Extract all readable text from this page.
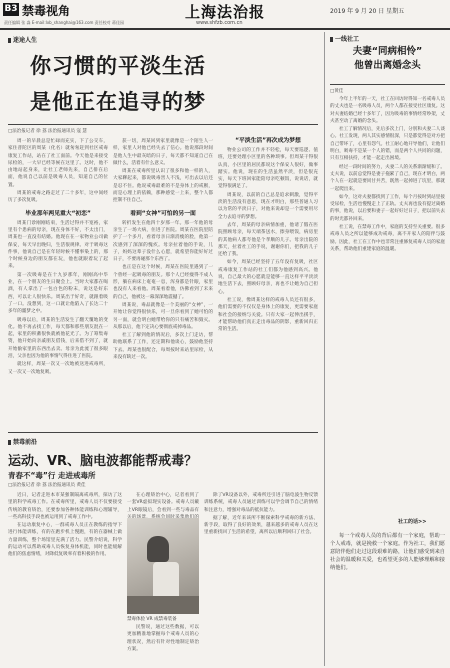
B3 禁毒视角
责任编辑 张 淼 E-mail:lxb_shanghai@163.com 责任校对 蒋佳园
上海法治报
www.shfzb.com.cn
2019 年 9 月 20 日 星期五
迷途人生
你习惯的平淡生活
是他正在追寻的梦
□法治报记者 徐 荔 法治报通讯员 寇 慧

周一的早晨总是忙碌而充实，下了公交车，家住普陀区的周某（化名）就匆匆赶到社区戒毒康复工作站，站在了社工面前。今天他是来接受尿检的，一大早已经等候在这里了。这时，他不由地站起身来，让社工老师先来，自己排在后面，他说自己以前是吸毒人员，知道自己的位置。

周某的戒毒之路走过了二十多年，这中间经历了多次复吸。

毕业那年两见重大“初恋”

周某门诊刚刚结束，生活过得并不宽裕，家里有个患病的母亲，现在身体不好，不太出门，周某也一直没有结婚。他现在在一家物业公司做保安，每天早出晚归，生活很规律。对于吸毒这件事，他说自己是在年轻时候不懂事染上的，那个时候身边的朋友都在玩，他也就跟着玩了起来。

第一次吸毒是在十九岁那年，刚刚高中毕业，在一个朋友的生日聚会上。当时大家都在喝酒，有人拿出了一包白色的粉末，说这是好东西，可以让人很快乐。周某出于好奇，就跟着吸了一口。没想到，这一口就让他陷入了长达二十多年的噩梦之中。

吸毒以后，周某的生活发生了翻天覆地的变化。他不再去找工作，每天都和那些朋友混在一起，家里的积蓄很快就被他花光了。为了筹集毒资，他开始向亲戚朋友借钱，后来借不到了，就开始偷家里的东西出去卖。母亲为此流了很多眼泪，父亲也因为他的事情气得住进了医院。

就这样，周某一次又一次地被送进戒毒所，又一次又一次地复吸。

获一切，周某回到家里就像是一个陌生人一样，家里人对他已经失去了信心。他说那段时间是他人生中最灰暗的日子，每天都不知道自己在做什么，活着有什么意义。

周某在戒毒所里认识了很多和他一样的人，大家聊起来，都说吸毒害人不浅，可出去以后还是忍不住。他说戒毒最难的不是身体上的戒断，而是心理上的依赖，那种感觉一上来，整个人都控制不住自己。

看到“女神”可怕的另一面

转折发生在他四十岁那一年。那一年他的母亲生了一场大病，住进了医院。周某在医院里陪护了一个多月，看着母亲日渐消瘦的脸，他第一次感到了深深的愧疚。母亲拉着他的手说，儿子，妈妈这辈子没什么心愿，就希望你能好好过日子，不要再碰那个东西了。

也正是在这个时候，周某在医院里遇到了一个曾经一起吸毒的朋友。那个人已经瘦得不成人形，躺在病床上奄奄一息，浑身都是针眼，家里也没有人来看他。周某看着他，仿佛看到了未来的自己，他被这一幕深深地震撼了。

周某说，毒品就像是一个美丽的“女神”，一开始让你觉得很快乐，可一旦你看到了她可怕的另一面，就会明白她带给你的只有痛苦和毁灭。从那以后，他下定决心要彻底戒掉毒品。

社工了解到他的情况后，多次上门走访，帮助他联系了工作，还定期和他谈心，鼓励他坚持下去。周某也很配合，每周按时来站里尿检，从来没有缺过一次。

“平淡生活”再次成为梦想

物业公司的工作并不轻松，每天要巡逻、值班，还要处理小区里的各种琐事。但周某干得很认真，小区里的居民都说这个保安人很好，做事踏实。他说，现在的生活虽然平淡，但是很充实，每天下班回家能陪母亲吃顿饭，说说话，就觉得很满足了。

周某说，以前的自己总是追求刺激，觉得平淡的生活没有意思，现在才明白，那些普通人习以为常的平淡日子，对他来说却是一个需要用尽全力去追寻的梦想。

去年，周某的母亲病情加重，他请了假在医院照顾母亲，每天端茶送水，擦身喂饭，病房里的其他病人都夸他是个孝顺的儿子。母亲出院的那天，拉着社工的手说，谢谢你们，把我的儿子还给了我。

如今，周某已经坚持了五年没有复吸，社区戒毒康复工作站的社工们都为他感到高兴。他说，自己最大的心愿就是能够一直这样平平淡淡地生活下去，照顾好母亲，再也不让她为自己担心。

社工说，像周某这样的戒毒人员还有很多，他们需要的不仅仅是身体上的康复，更需要家庭和社会的接纳与关爱。只有大家一起伸出援手，才能帮助他们真正走出毒品的阴影，重新回归正常的生活。

禁毒前沿
运动、VR、脑电波都能帮戒毒？
青春不“毒”行 走进戒毒所
□法治报记者 徐 荔 法治报通讯员 黄佳

近日，记者走进本市某强制隔离戒毒所，探访了这里的科学戒毒工作。在戒毒所里，戒毒人员不仅要接受传统的教育矫治，还要参加各种体能训练和心理辅导，一些高科技手段也被运用到了戒毒工作中。

在运动康复中心，一群戒毒人员正在教练的指导下进行体能训练，有的在跑步机上慢跑，有的在器械上做力量训练，整个场馆里充满了活力。民警介绍说，科学的运动可以帮助戒毒人员恢复身体机能，同时也能缓解他们的焦虑情绪，对降低复吸率有着积极的作用。

在心理矫治中心，记者看到了一套VR虚拟现实设备。戒毒人员戴上VR眼镜后，会看到一些与毒品有

禁毒体验 VR 成禁毒装备

民警说，通过这些数据，可以更加精准地掌握每个戒毒人员的心理状况，然后有针对性地制定矫治方案。

除了VR设备以外，戒毒所还引进了脑电波生物反馈训练系统，戒毒人员通过训练可以学会调节自己的情绪和注意力，增强对毒品的抵抗能力。

据了解，近年来该所不断探索科学戒毒的新方法、新手段，取得了良好的效果，越来越多的戒毒人员在这里重新找回了生活的希望，离所以后顺利回归了社会。

一线社工
夫妻“同病相怜”
他曾出离婚念头
□黄佳

今年上半年的一天，社工在回访时得知一名戒毒人员的丈夫也是一名吸毒人员，两个人都在接受社区康复。这对夫妻结婚已经十多年了，因为吸毒的事情经常吵架，丈夫甚至动了离婚的念头。

社工了解情况后，先后多次上门，分别和夫妻二人谈心。社工发现，两人其实感情很深，只是都觉得是对方把自己带坏了，心里有怨气。社工耐心地开导他们，让他们明白，吸毒不是某一个人的错，而是两个人共同的问题，只有互相扶持，才能一起走出困境。

经过一段时间的努力，夫妻二人的关系渐渐缓和了。丈夫说，以前总觉得是妻子拖累了自己，现在才明白，两个人在一起就是要同甘共苦，既然一起掉进了坑里，那就一起爬出来。

如今，这对夫妻都找到了工作，每个月按时到站里接受尿检，生活也慢慢走上了正轨。丈夫再也没有提过离婚的事，他说，以后要和妻子一起好好过日子，把以前失去的时光都补回来。

社工说，在禁毒工作中，家庭的支持至关重要。很多戒毒人员之所以能够成功戒毒，离不开家人的陪伴与鼓励。因此，社工在工作中也非常注重修复戒毒人员的家庭关系，帮助他们重建家庭的温暖。

社工的话>>

每一个戒毒人员的背后都有一个家庭，帮助一个人戒毒，就是挽救一个家庭。作为社工，我们愿意陪伴他们走过这段艰难的路，让他们感受到来自社会的温暖和关爱，也希望更多的人能够理解和接纳他们。
